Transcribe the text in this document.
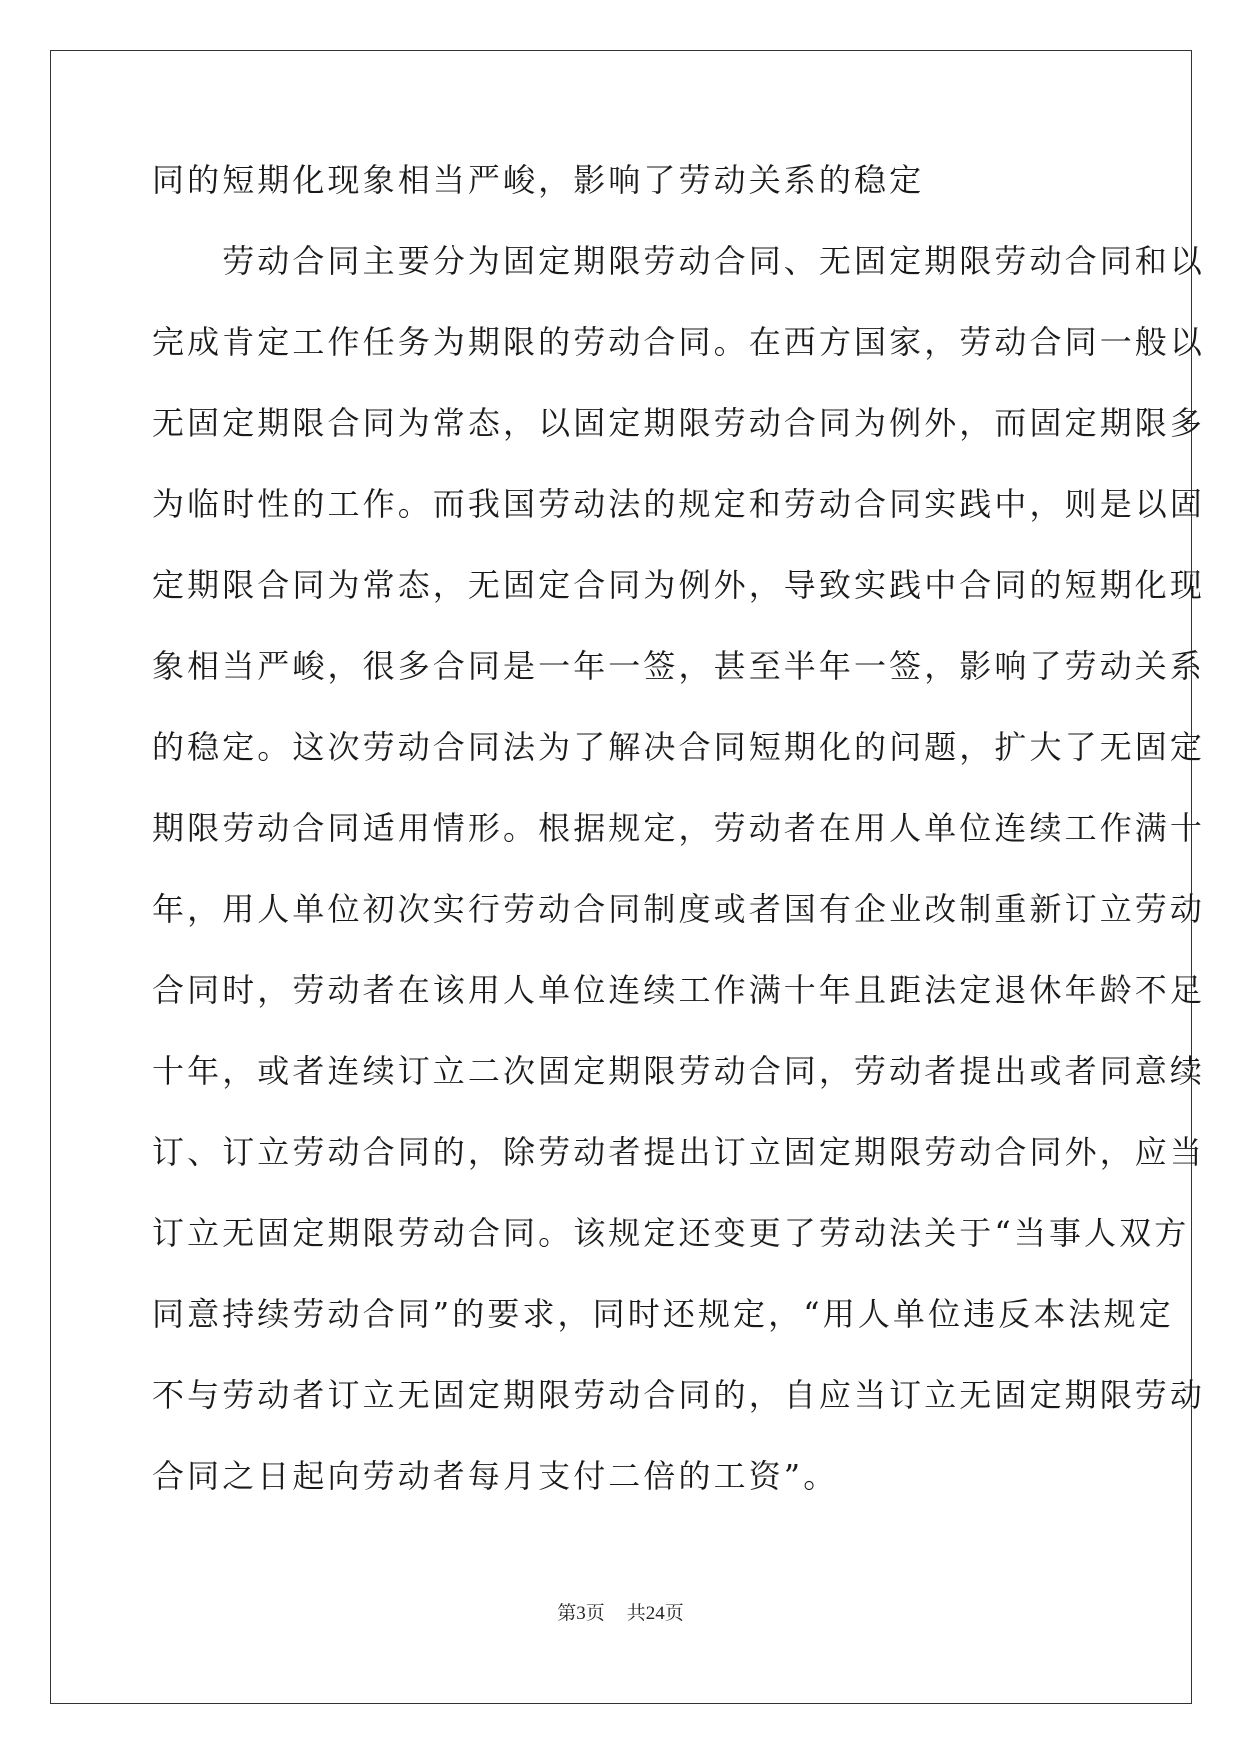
同的短期化现象相当严峻，影响了劳动关系的稳定
　　劳动合同主要分为固定期限劳动合同、无固定期限劳动合同和以
完成肯定工作任务为期限的劳动合同。在西方国家，劳动合同一般以
无固定期限合同为常态，以固定期限劳动合同为例外，而固定期限多
为临时性的工作。而我国劳动法的规定和劳动合同实践中，则是以固
定期限合同为常态，无固定合同为例外，导致实践中合同的短期化现
象相当严峻，很多合同是一年一签，甚至半年一签，影响了劳动关系
的稳定。这次劳动合同法为了解决合同短期化的问题，扩大了无固定
期限劳动合同适用情形。根据规定，劳动者在用人单位连续工作满十
年，用人单位初次实行劳动合同制度或者国有企业改制重新订立劳动
合同时，劳动者在该用人单位连续工作满十年且距法定退休年龄不足
十年，或者连续订立二次固定期限劳动合同，劳动者提出或者同意续
订、订立劳动合同的，除劳动者提出订立固定期限劳动合同外，应当
订立无固定期限劳动合同。该规定还变更了劳动法关于“当事人双方
同意持续劳动合同”的要求，同时还规定，“用人单位违反本法规定
不与劳动者订立无固定期限劳动合同的，自应当订立无固定期限劳动
合同之日起向劳动者每月支付二倍的工资”。
第3页 共24页
